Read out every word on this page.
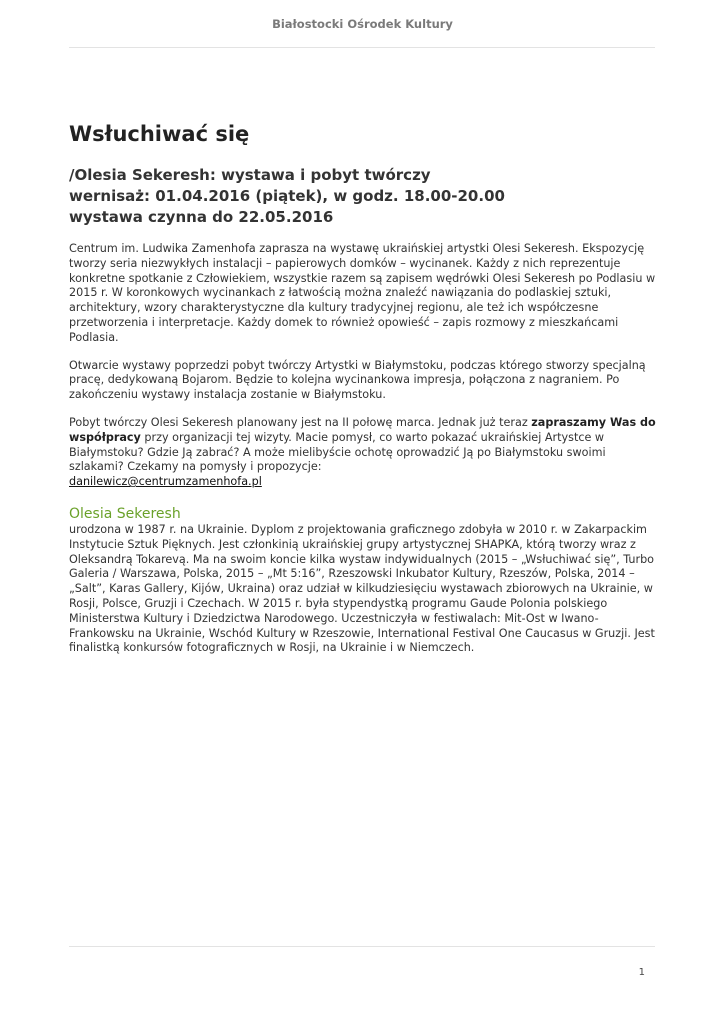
Białostocki Ośrodek Kultury
Wsłuchiwać się
/Olesia Sekeresh: wystawa i pobyt twórczy
wernisaż: 01.04.2016 (piątek), w godz. 18.00-20.00
wystawa czynna do 22.05.2016
Centrum im. Ludwika Zamenhofa zaprasza na wystawę ukraińskiej artystki Olesi Sekeresh. Ekspozycję tworzy seria niezwykłych instalacji – papierowych domków – wycinanek. Każdy z nich reprezentuje konkretne spotkanie z Człowiekiem, wszystkie razem są zapisem wędrówki Olesi Sekeresh po Podlasiu w 2015 r. W koronkowych wycinankach z łatwością można znaleźć nawiązania do podlaskiej sztuki, architektury, wzory charakterystyczne dla kultury tradycyjnej regionu, ale też ich współczesne przetworzenia i interpretacje. Każdy domek to również opowieść – zapis rozmowy z mieszkańcami Podlasia.
Otwarcie wystawy poprzedzi pobyt twórczy Artystki w Białymstoku, podczas którego stworzy specjalną pracę, dedykowaną Bojarom. Będzie to kolejna wycinankowa impresja, połączona z nagraniem. Po zakończeniu wystawy instalacja zostanie w Białymstoku.
Pobyt twórczy Olesi Sekeresh planowany jest na II połowę marca. Jednak już teraz zapraszamy Was do współpracy przy organizacji tej wizyty. Macie pomysł, co warto pokazać ukraińskiej Artystce w Białymstoku? Gdzie Ją zabrać? A może mielibyście ochotę oprowadzić Ją po Białymstoku swoimi szlakami? Czekamy na pomysły i propozycje:
danilewicz@centrumzamenhofa.pl
Olesia Sekeresh
urodzona w 1987 r. na Ukrainie. Dyplom z projektowania graficznego zdobyła w 2010 r. w Zakarpackim Instytucie Sztuk Pięknych. Jest członkinią ukraińskiej grupy artystycznej SHAPKA, którą tworzy wraz z Oleksandrą Tokarevą. Ma na swoim koncie kilka wystaw indywidualnych (2015 – „Wsłuchiwać się”, Turbo Galeria / Warszawa, Polska, 2015 – „Mt 5:16”, Rzeszowski Inkubator Kultury, Rzeszów, Polska, 2014 – „Salt”, Karas Gallery, Kijów, Ukraina) oraz udział w kilkudziesięciu wystawach zbiorowych na Ukrainie, w Rosji, Polsce, Gruzji i Czechach. W 2015 r. była stypendystką programu Gaude Polonia polskiego Ministerstwa Kultury i Dziedzictwa Narodowego. Uczestniczyła w festiwalach: Mit-Ost w Iwano-Frankowsku na Ukrainie, Wschód Kultury w Rzeszowie, International Festival One Caucasus w Gruzji. Jest finalistką konkursów fotograficznych w Rosji, na Ukrainie i w Niemczech.
1
